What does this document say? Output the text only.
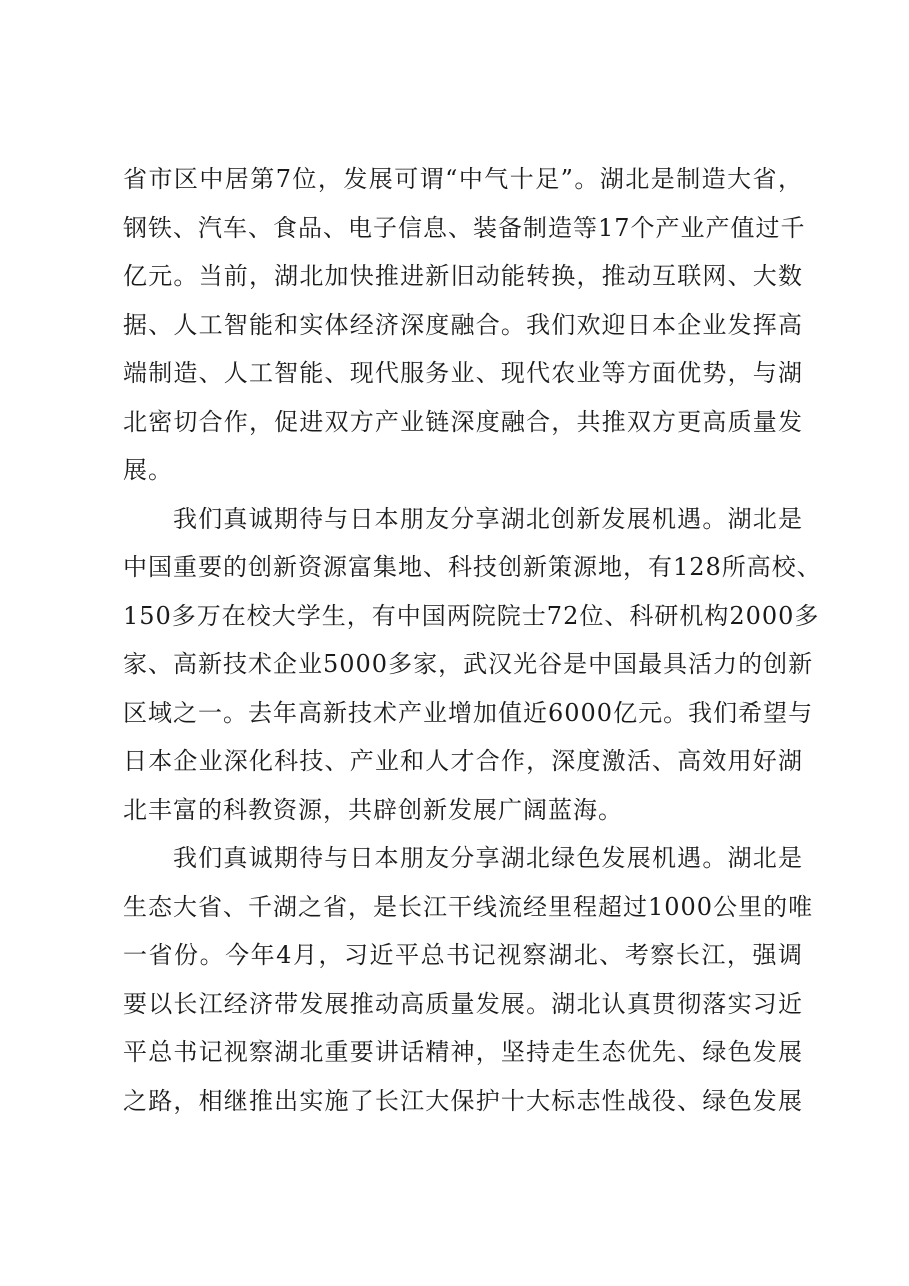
省市区中居第7位，发展可谓“中气十足”。湖北是制造大省，
钢铁、汽车、食品、电子信息、装备制造等17个产业产值过千
亿元。当前，湖北加快推进新旧动能转换，推动互联网、大数
据、人工智能和实体经济深度融合。我们欢迎日本企业发挥高
端制造、人工智能、现代服务业、现代农业等方面优势，与湖
北密切合作，促进双方产业链深度融合，共推双方更高质量发
展。
我们真诚期待与日本朋友分享湖北创新发展机遇。湖北是
中国重要的创新资源富集地、科技创新策源地，有128所高校、
150多万在校大学生，有中国两院院士72位、科研机构2000多
家、高新技术企业5000多家，武汉光谷是中国最具活力的创新
区域之一。去年高新技术产业增加值近6000亿元。我们希望与
日本企业深化科技、产业和人才合作，深度激活、高效用好湖
北丰富的科教资源，共辟创新发展广阔蓝海。
我们真诚期待与日本朋友分享湖北绿色发展机遇。湖北是
生态大省、千湖之省，是长江干线流经里程超过1000公里的唯
一省份。今年4月，习近平总书记视察湖北、考察长江，强调
要以长江经济带发展推动高质量发展。湖北认真贯彻落实习近
平总书记视察湖北重要讲话精神，坚持走生态优先、绿色发展
之路，相继推出实施了长江大保护十大标志性战役、绿色发展
